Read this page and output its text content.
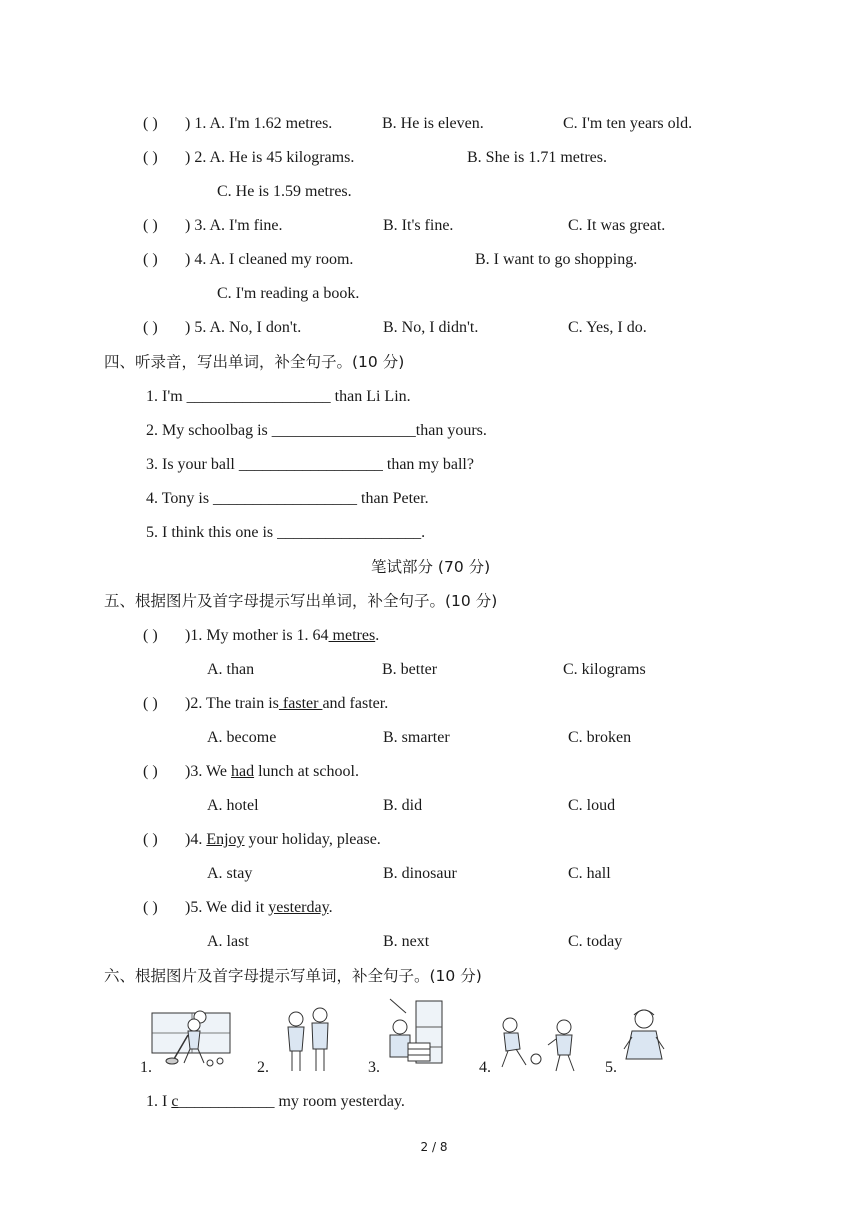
( ) ) 1. A. I'm 1.62 metres.	B. He is eleven.	C. I'm ten years old.
( ) ) 2. A. He is 45 kilograms.	B. She is 1.71 metres.
C. He is 1.59 metres.
( ) ) 3. A. I'm fine.	B. It's fine.	C. It was great.
( ) ) 4. A. I cleaned my room.	B. I want to go shopping.
C. I'm reading a book.
( ) ) 5. A. No, I don't.	B. No, I didn't.	C. Yes, I do.
四、听录音，写出单词，补全句子。(10 分)
1. I'm __________________ than Li Lin.
2. My schoolbag is __________________than yours.
3. Is your ball __________________ than my ball?
4. Tony is __________________ than Peter.
5. I think this one is __________________.
笔试部分 (70 分)
五、根据图片及首字母提示写出单词，补全句子。(10 分)
( ) )1. My mother is 1. 64 metres.
A. than	B. better	C. kilograms
( ) )2. The train is faster and faster.
A. become	B. smarter	C. broken
( ) )3. We had lunch at school.
A. hotel	B. did	C. loud
( ) )4. Enjoy your holiday, please.
A. stay	B. dinosaur	C. hall
( ) )5. We did it yesterday.
A. last	B. next	C. today
六、根据图片及首字母提示写单词，补全句子。(10 分)
1.	2.	3.	4.	5.
1. I c____________ my room yesterday.
2 / 8
